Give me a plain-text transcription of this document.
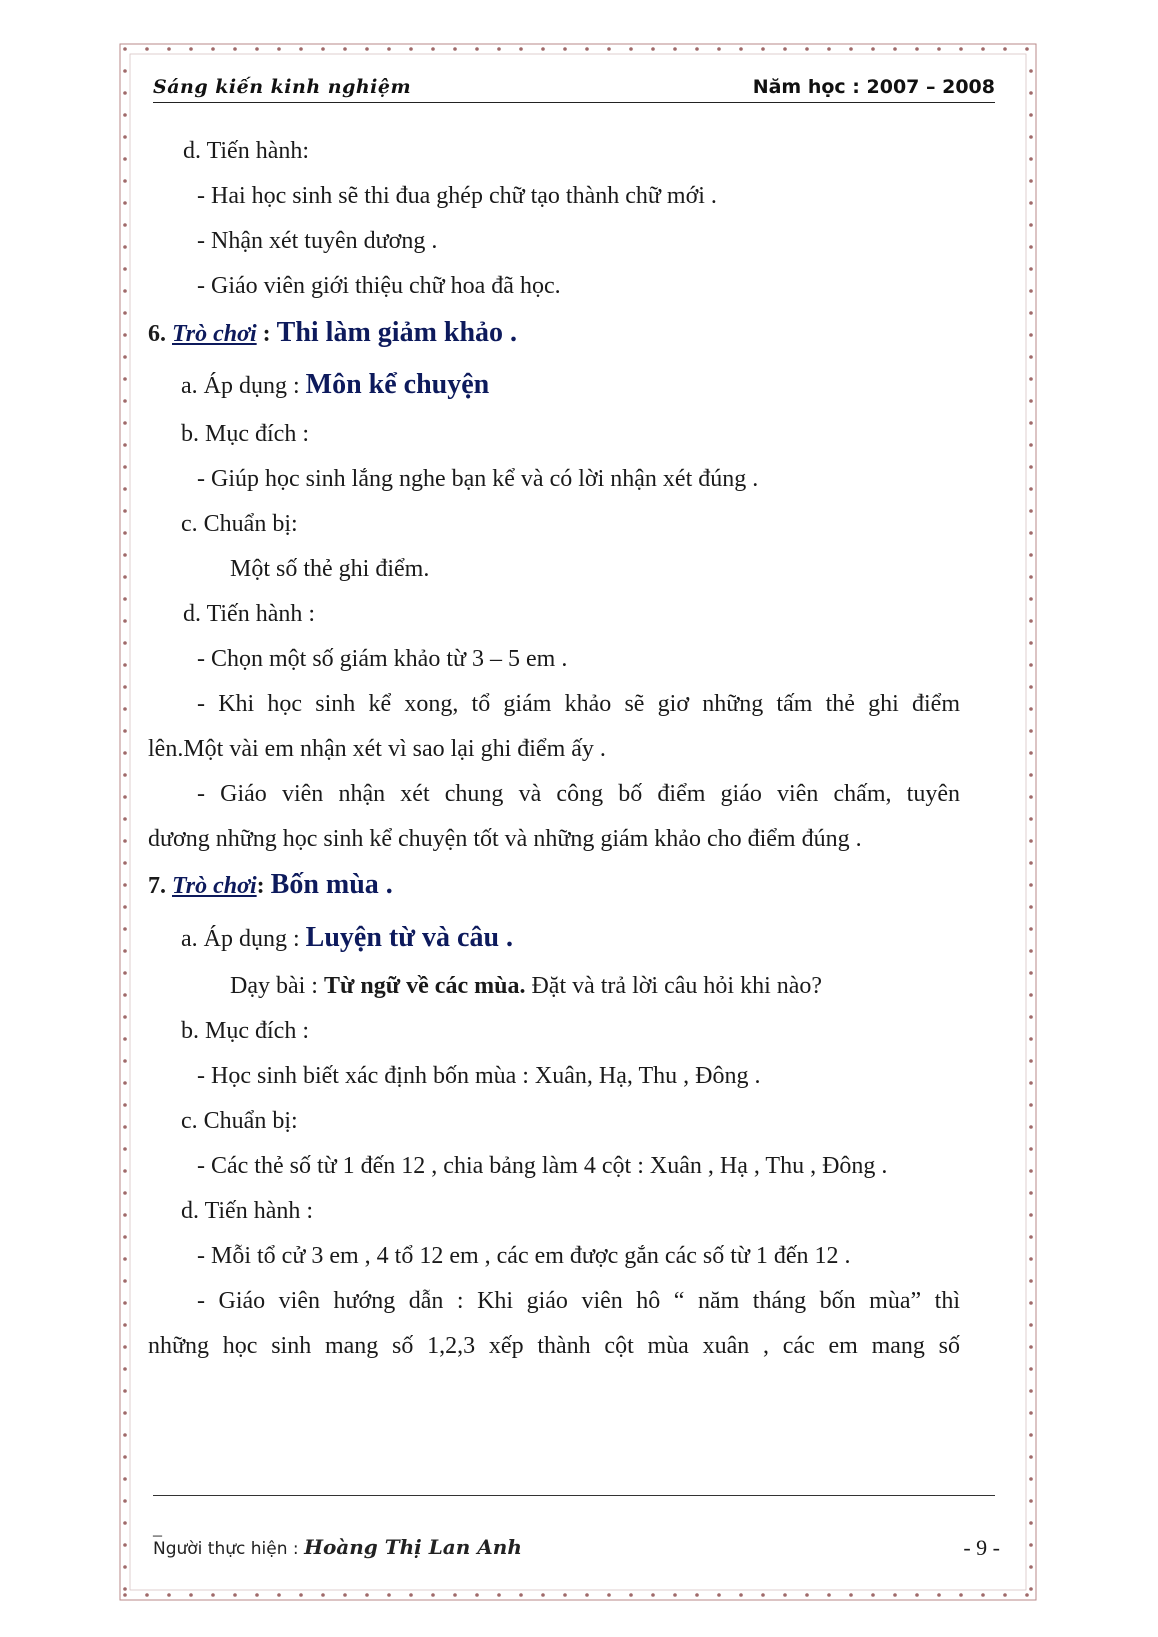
Sáng kiến kinh nghiệm	Năm học : 2007 – 2008
d. Tiến hành:
- Hai học sinh sẽ thi đua ghép chữ tạo thành chữ mới .
- Nhận xét tuyên dương .
- Giáo viên giới thiệu chữ hoa đã học.
6. Trò chơi : Thi làm giảm khảo .
a. Áp dụng : Môn kể chuyện
b. Mục đích :
- Giúp học sinh lắng nghe bạn kể và có lời nhận xét đúng .
c. Chuẩn bị:
Một số thẻ ghi điểm.
d. Tiến hành :
- Chọn một số giám khảo từ 3 – 5 em .
- Khi học sinh kể xong, tổ giám khảo sẽ giơ những tấm thẻ ghi điểm
lên.Một vài em nhận xét vì sao lại ghi điểm ấy .
- Giáo viên nhận xét chung và công bố điểm giáo viên chấm, tuyên
dương những học sinh kể chuyện tốt và những giám khảo cho điểm đúng .
7. Trò chơi: Bốn mùa .
a. Áp dụng : Luyện từ và câu .
Dạy bài : Từ ngữ về các mùa. Đặt và trả lời câu hỏi khi nào?
b. Mục đích :
- Học sinh biết xác định bốn mùa : Xuân, Hạ, Thu , Đông .
c. Chuẩn bị:
- Các thẻ số từ 1 đến 12 , chia bảng làm 4 cột : Xuân , Hạ , Thu , Đông .
d. Tiến hành :
- Mỗi tổ cử 3 em , 4 tổ 12 em , các em được gắn các số từ 1 đến 12 .
- Giáo viên hướng dẫn : Khi giáo viên hô “ năm tháng bốn mùa” thì
những học sinh mang số 1,2,3 xếp thành cột mùa xuân , các em mang số
_
Người thực hiện : Hoàng Thị Lan Anh	- 9 -
